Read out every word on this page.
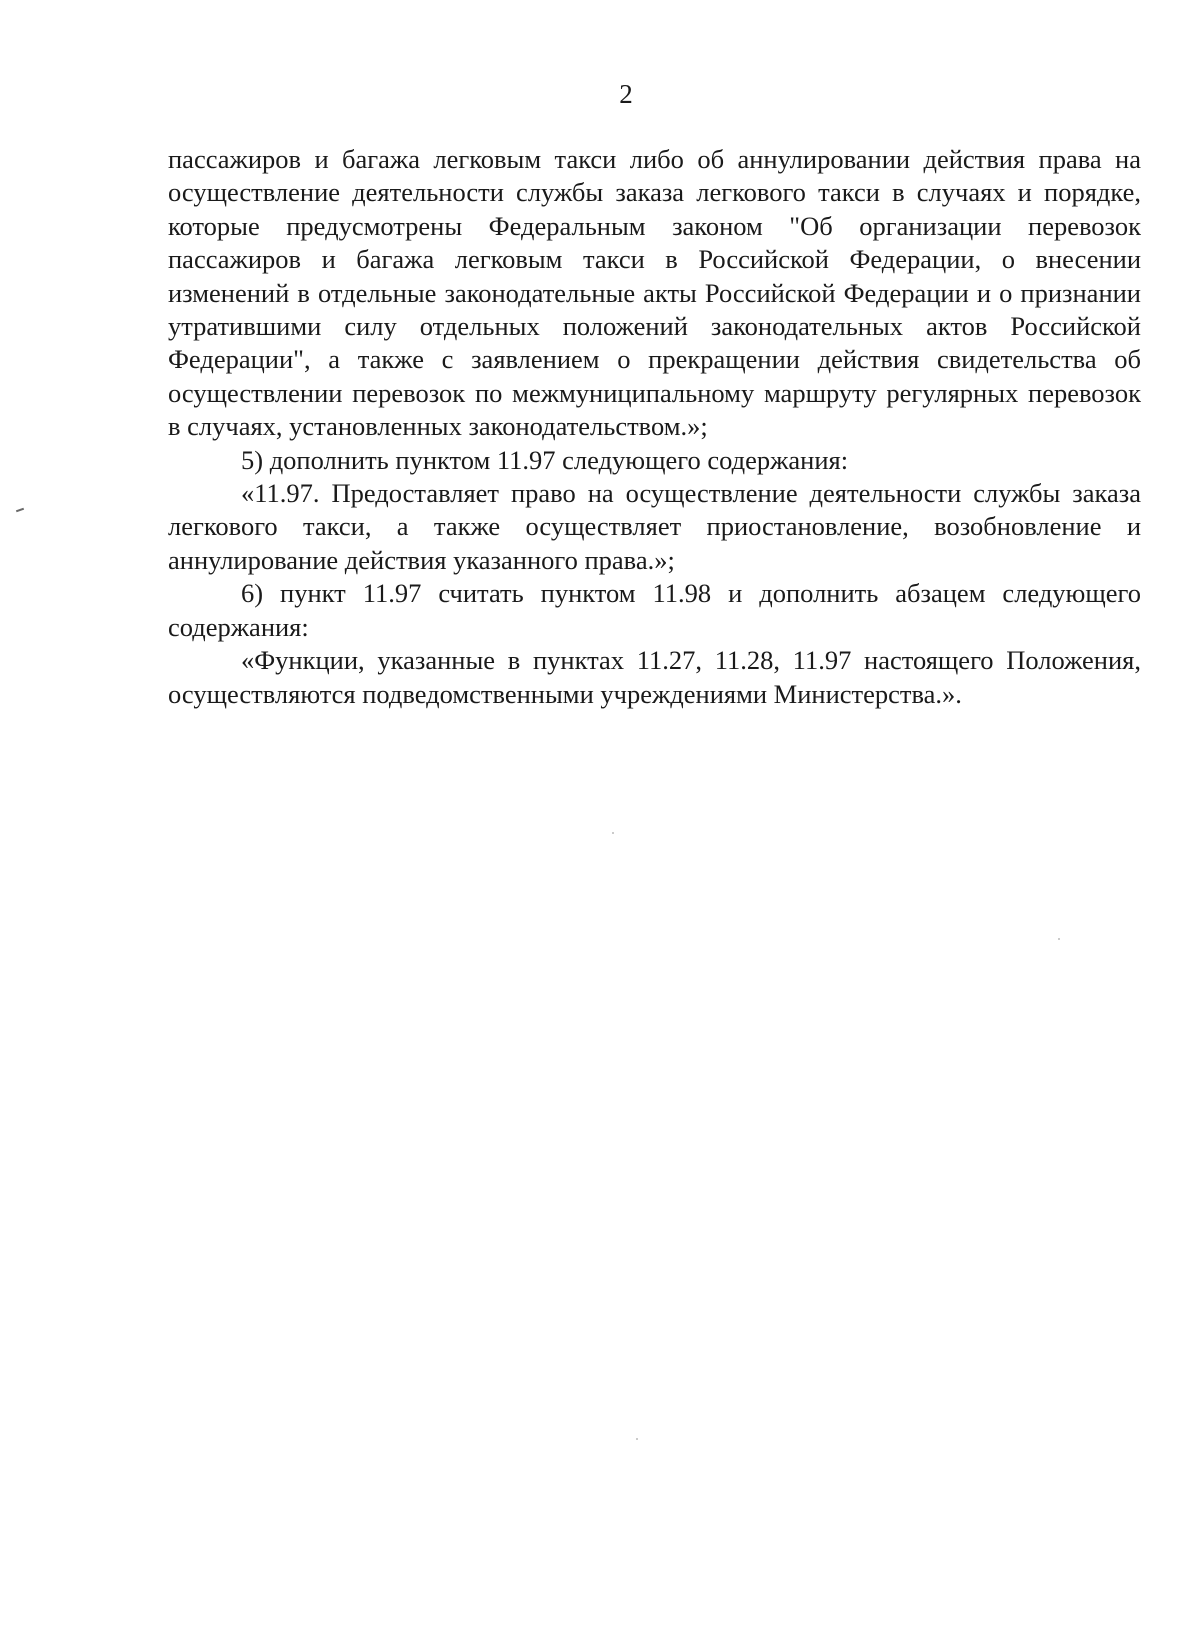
2

пассажиров и багажа легковым такси либо об аннулировании действия права на осуществление деятельности службы заказа легкового такси в случаях и порядке, которые предусмотрены Федеральным законом "Об организации перевозок пассажиров и багажа легковым такси в Российской Федерации, о внесении изменений в отдельные законодательные акты Российской Федерации и о признании утратившими силу отдельных положений законодательных актов Российской Федерации", а также с заявлением о прекращении действия свидетельства об осуществлении перевозок по межмуниципальному маршруту регулярных перевозок в случаях, установленных законодательством.»;

5) дополнить пунктом 11.97 следующего содержания:

«11.97. Предоставляет право на осуществление деятельности службы заказа легкового такси, а также осуществляет приостановление, возобновление и аннулирование действия указанного права.»;

6) пункт 11.97 считать пунктом 11.98 и дополнить абзацем следующего содержания:

«Функции, указанные в пунктах 11.27, 11.28, 11.97 настоящего Положения, осуществляются подведомственными учреждениями Министерства.».
